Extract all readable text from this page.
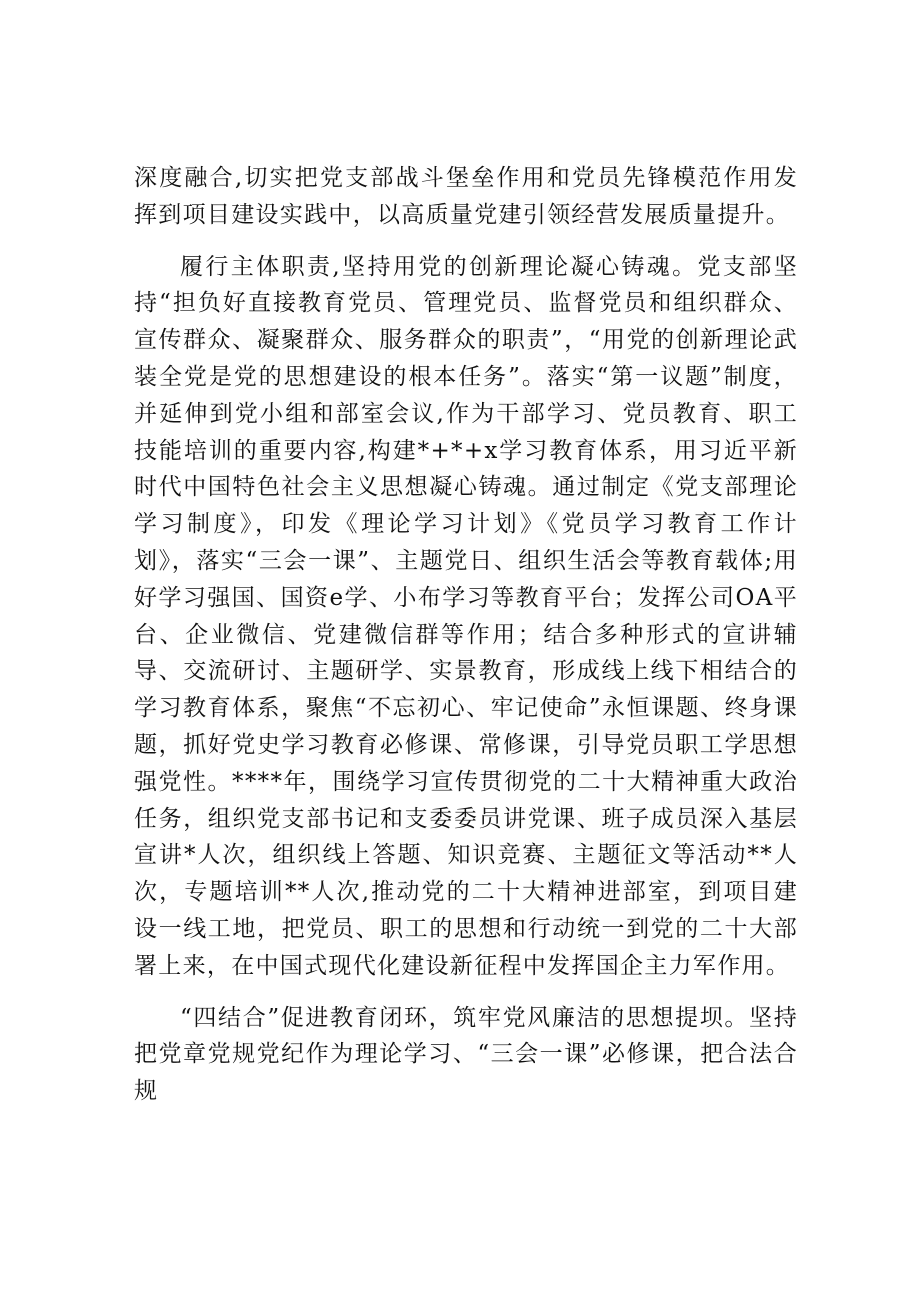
深度融合,切实把党支部战斗堡垒作用和党员先锋模范作用发挥到项目建设实践中，以高质量党建引领经营发展质量提升。

履行主体职责,坚持用党的创新理论凝心铸魂。党支部坚持“担负好直接教育党员、管理党员、监督党员和组织群众、宣传群众、凝聚群众、服务群众的职责”，“用党的创新理论武装全党是党的思想建设的根本任务”。落实“第一议题”制度，并延伸到党小组和部室会议,作为干部学习、党员教育、职工技能培训的重要内容,构建*+*+x学习教育体系，用习近平新时代中国特色社会主义思想凝心铸魂。通过制定《党支部理论学习制度》，印发《理论学习计划》《党员学习教育工作计划》，落实“三会一课”、主题党日、组织生活会等教育载体;用好学习强国、国资e学、小布学习等教育平台；发挥公司OA平台、企业微信、党建微信群等作用；结合多种形式的宣讲辅导、交流研讨、主题研学、实景教育，形成线上线下相结合的学习教育体系，聚焦“不忘初心、牢记使命”永恒课题、终身课题，抓好党史学习教育必修课、常修课，引导党员职工学思想强党性。****年，围绕学习宣传贯彻党的二十大精神重大政治任务，组织党支部书记和支委委员讲党课、班子成员深入基层宣讲*人次，组织线上答题、知识竞赛、主题征文等活动**人次，专题培训**人次,推动党的二十大精神进部室，到项目建设一线工地，把党员、职工的思想和行动统一到党的二十大部署上来，在中国式现代化建设新征程中发挥国企主力军作用。

“四结合”促进教育闭环，筑牢党风廉洁的思想提坝。坚持把党章党规党纪作为理论学习、“三会一课”必修课，把合法合规
